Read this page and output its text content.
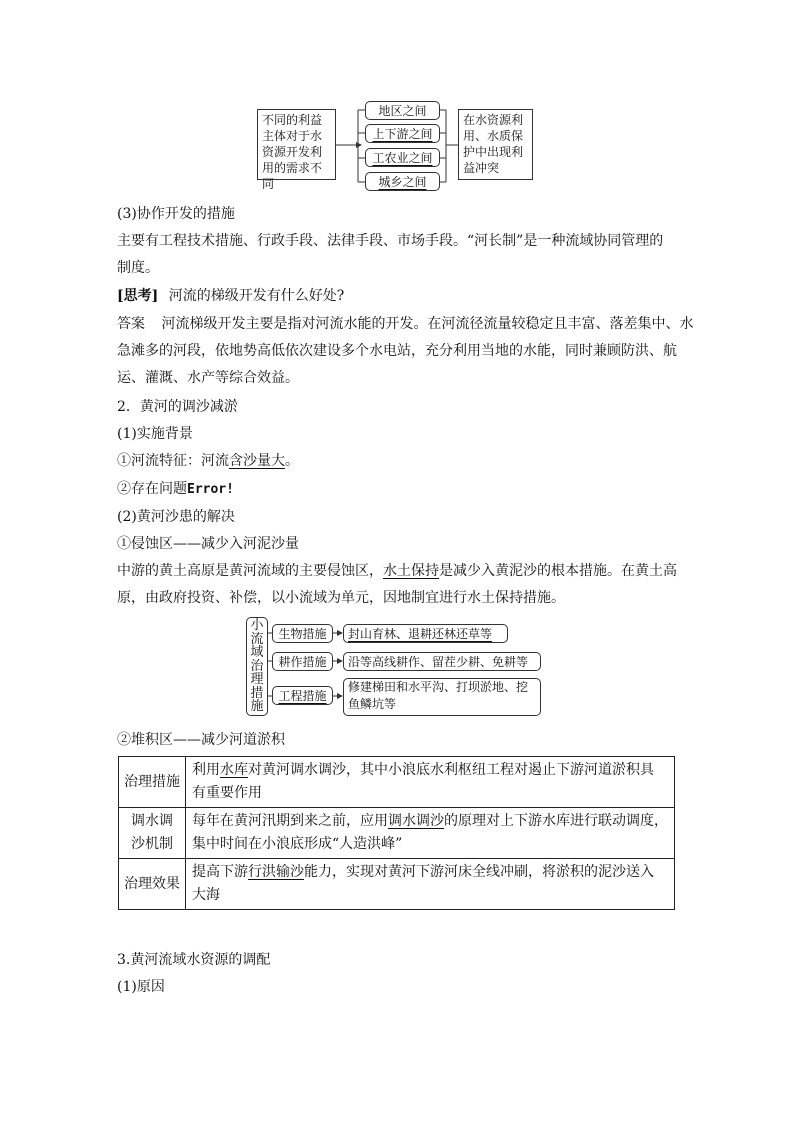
不同的利益主体对于水资源开发利用的需求不同
地区之间
上下游之间
工农业之间
城乡之间
在水资源利用、水质保护中出现利益冲突
(3)协作开发的措施
主要有工程技术措施、行政手段、法律手段、市场手段。“河长制”是一种流域协同管理的
制度。
[思考] 河流的梯级开发有什么好处?
答案 河流梯级开发主要是指对河流水能的开发。在河流径流量较稳定且丰富、落差集中、水
急滩多的河段，依地势高低依次建设多个水电站，充分利用当地的水能，同时兼顾防洪、航
运、灌溉、水产等综合效益。
2．黄河的调沙减淤
(1)实施背景
①河流特征：河流含沙量大。
②存在问题Error!
(2)黄河沙患的解决
①侵蚀区——减少入河泥沙量
中游的黄土高原是黄河流域的主要侵蚀区，水土保持是减少入黄泥沙的根本措施。在黄土高
原，由政府投资、补偿，以小流域为单元，因地制宜进行水土保持措施。
小
流
域
治
理
措
施
生物措施
耕作措施
工程措施
封山育林、退耕还林还草等
沿等高线耕作、留茬少耕、免耕等
修建梯田和水平沟、打坝淤地、挖
鱼鳞坑等
②堆积区——减少河道淤积
治理措施	利用水库对黄河调水调沙，其中小浪底水利枢纽工程对遏止下游河道淤积具
有重要作用
调水调
沙机制	每年在黄河汛期到来之前，应用调水调沙的原理对上下游水库进行联动调度，
集中时间在小浪底形成“人造洪峰”
治理效果	提高下游行洪输沙能力，实现对黄河下游河床全线冲刷，将淤积的泥沙送入
大海
3.黄河流域水资源的调配
(1)原因
